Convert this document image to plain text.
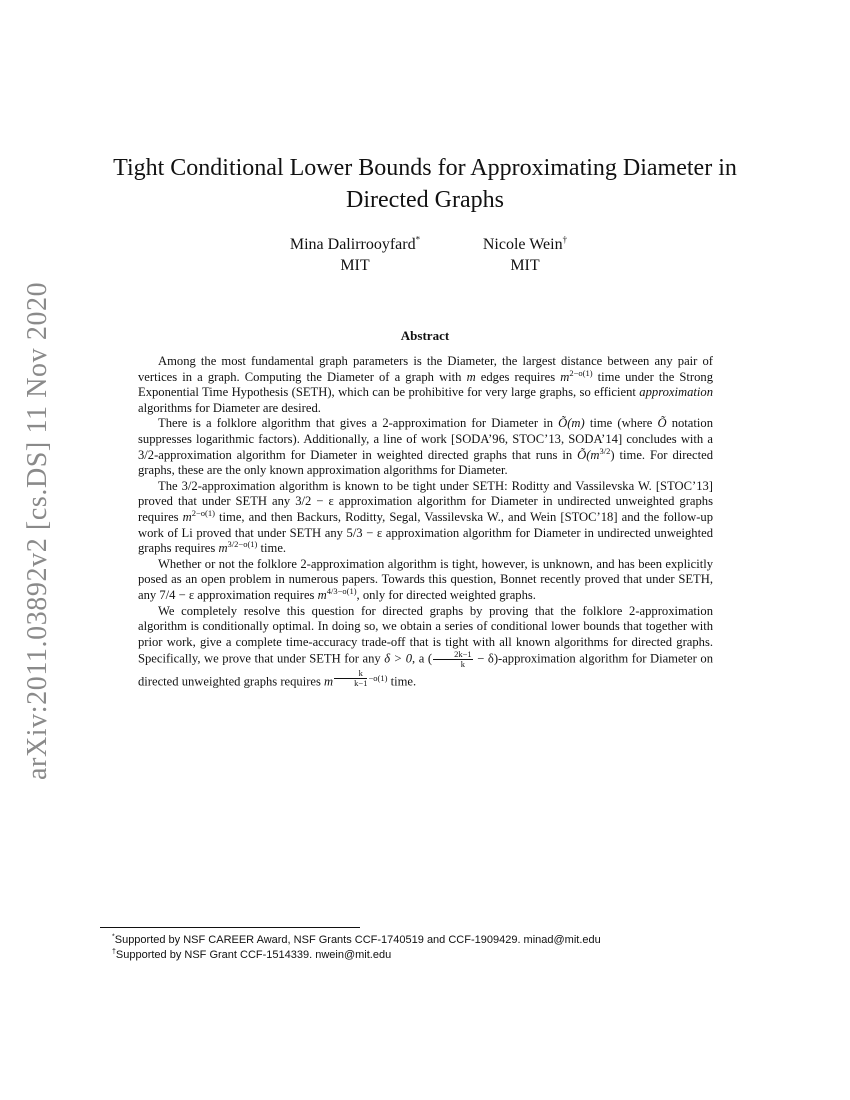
arXiv:2011.03892v2 [cs.DS] 11 Nov 2020
Tight Conditional Lower Bounds for Approximating Diameter in Directed Graphs
Mina Dalirrooyfard*
MIT
Nicole Wein†
MIT
Abstract

Among the most fundamental graph parameters is the Diameter, the largest distance between any pair of vertices in a graph. Computing the Diameter of a graph with m edges requires $m^{2-o(1)}$ time under the Strong Exponential Time Hypothesis (SETH), which can be prohibitive for very large graphs, so efficient approximation algorithms for Diameter are desired.

There is a folklore algorithm that gives a 2-approximation for Diameter in Õ(m) time (where Õ notation suppresses logarithmic factors). Additionally, a line of work [SODA’96, STOC’13, SODA’14] concludes with a 3/2-approximation algorithm for Diameter in weighted directed graphs that runs in $Õ(m^{3/2})$ time. For directed graphs, these are the only known approximation algorithms for Diameter.

The 3/2-approximation algorithm is known to be tight under SETH: Roditty and Vassilevska W. [STOC’13] proved that under SETH any 3/2 − ε approximation algorithm for Diameter in undirected unweighted graphs requires $m^{2-o(1)}$ time, and then Backurs, Roditty, Segal, Vassilevska W., and Wein [STOC’18] and the follow-up work of Li proved that under SETH any 5/3 − ε approximation algorithm for Diameter in undirected unweighted graphs requires $m^{3/2-o(1)}$ time.

Whether or not the folklore 2-approximation algorithm is tight, however, is unknown, and has been explicitly posed as an open problem in numerous papers. Towards this question, Bonnet recently proved that under SETH, any 7/4 − ε approximation requires $m^{4/3-o(1)}$, only for directed weighted graphs.

We completely resolve this question for directed graphs by proving that the folklore 2-approximation algorithm is conditionally optimal. In doing so, we obtain a series of conditional lower bounds that together with prior work, give a complete time-accuracy trade-off that is tight with all known algorithms for directed graphs. Specifically, we prove that under SETH for any δ > 0, a ( $\frac{2k-1}{k}$ − δ)-approximation algorithm for Diameter on directed unweighted graphs requires m $^{\frac{k}{k-1} -o(1)}$ time.

*Supported by NSF CAREER Award, NSF Grants CCF-1740519 and CCF-1909429. minad@mit.edu
†Supported by NSF Grant CCF-1514339. nwein@mit.edu
